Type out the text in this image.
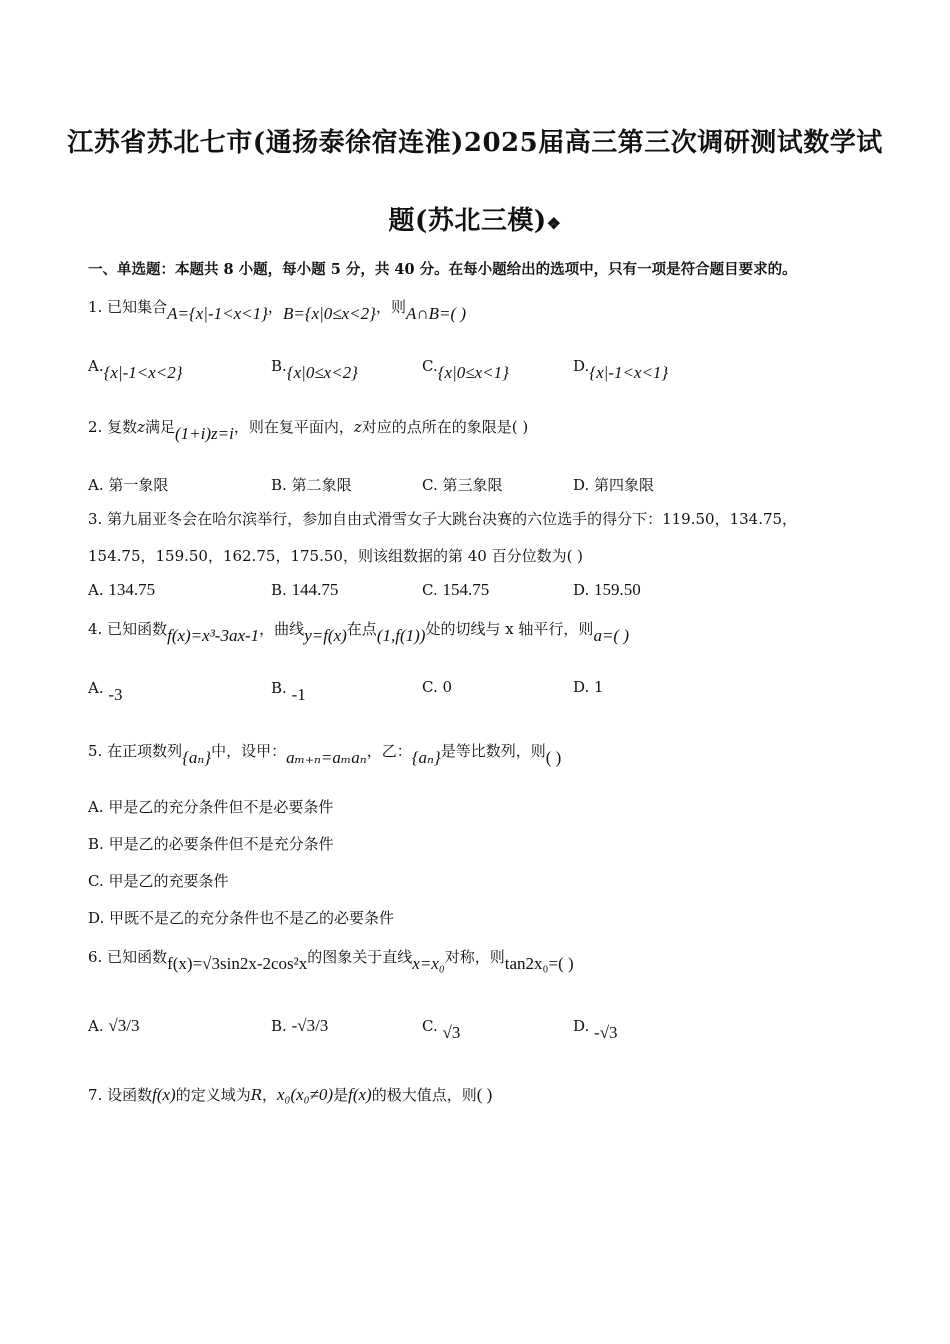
江苏省苏北七市(通扬泰徐宿连淮)2025届高三第三次调研测试数学试
题(苏北三模)❖
一、单选题：本题共 8 小题，每小题 5 分，共 40 分。在每小题给出的选项中，只有一项是符合题目要求的。
1. 已知集合A={x|-1<x<1}，B={x|0≤x<2}，则A∩B=( )
A.{x|-1<x<2}	B.{x|0≤x<2}	C.{x|0≤x<1}	D.{x|-1<x<1}
2. 复数z满足(1+i)z=i，则在复平面内，z对应的点所在的象限是( )
A. 第一象限	B. 第二象限	C. 第三象限	D. 第四象限
3. 第九届亚冬会在哈尔滨举行，参加自由式滑雪女子大跳台决赛的六位选手的得分下：119.50，134.75，
154.75，159.50，162.75，175.50，则该组数据的第 40 百分位数为( )
A. 134.75	B. 144.75	C. 154.75	D. 159.50
4. 已知函数f(x)=x³-3ax-1，曲线y=f(x)在点(1,f(1))处的切线与 x 轴平行，则a=( )
A. -3	B. -1	C. 0	D. 1
5. 在正项数列{aₙ}中，设甲：aₘ₊ₙ=aₘaₙ，乙：{aₙ}是等比数列，则( )
A. 甲是乙的充分条件但不是必要条件
B. 甲是乙的必要条件但不是充分条件
C. 甲是乙的充要条件
D. 甲既不是乙的充分条件也不是乙的必要条件
6. 已知函数f(x)=√3sin2x-2cos²x的图象关于直线x=x₀对称，则tan2x₀=( )
A. √3/3	B. -√3/3	C. √3	D. -√3
7. 设函数f(x)的定义域为R，x₀(x₀≠0)是f(x)的极大值点，则( )
